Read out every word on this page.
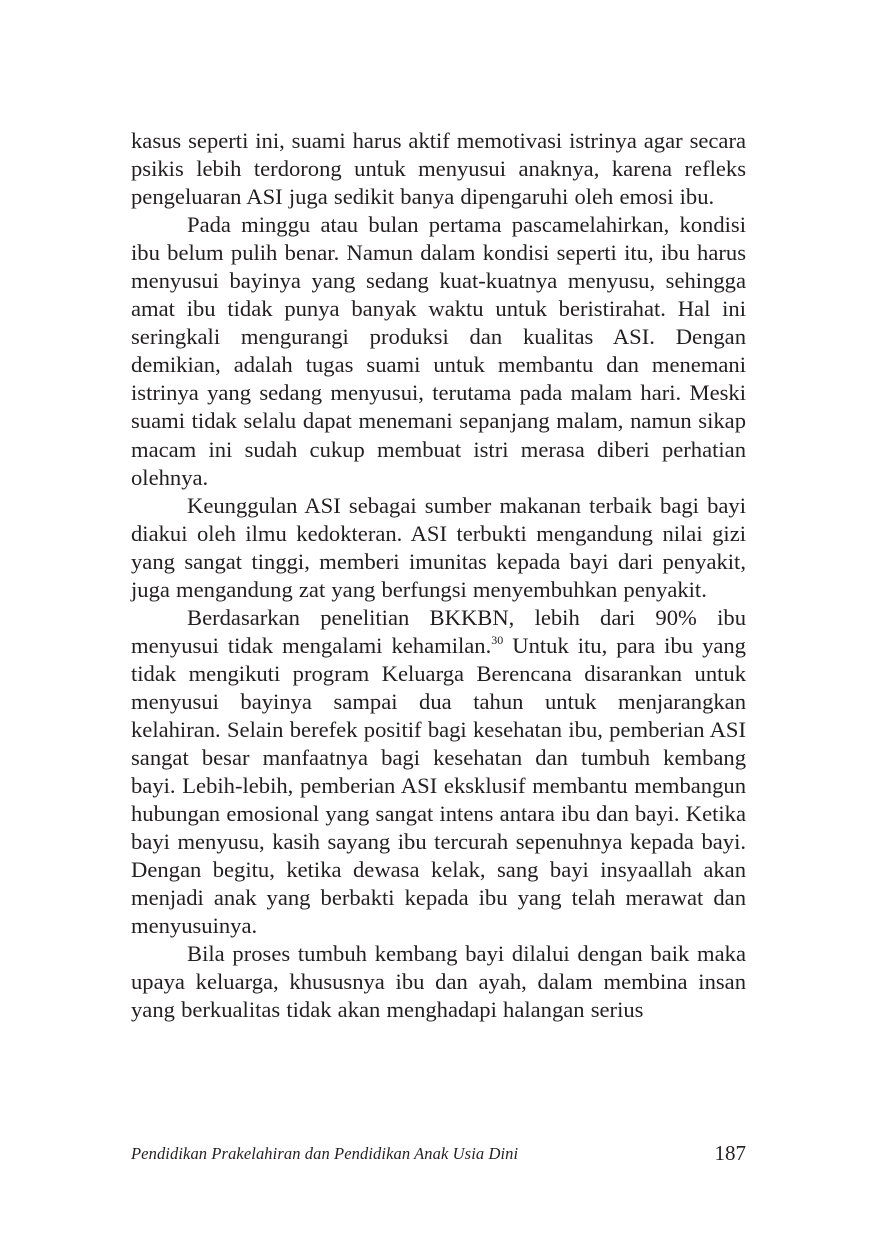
kasus seperti ini, suami harus aktif memotivasi istrinya agar secara psikis lebih terdorong untuk menyusui anaknya, karena refleks pengeluaran ASI juga sedikit banya dipengaruhi oleh emosi ibu.

Pada minggu atau bulan pertama pascamelahirkan, kondisi ibu belum pulih benar. Namun dalam kondisi seperti itu, ibu harus menyusui bayinya yang sedang kuat-kuatnya menyusu, sehingga amat ibu tidak punya banyak waktu untuk beristirahat. Hal ini seringkali mengurangi produksi dan kualitas ASI. Dengan demikian, adalah tugas suami untuk membantu dan menemani istrinya yang sedang menyusui, terutama pada malam hari. Meski suami tidak selalu dapat menemani sepanjang malam, namun sikap macam ini sudah cukup membuat istri merasa diberi perhatian olehnya.

Keunggulan ASI sebagai sumber makanan terbaik bagi bayi diakui oleh ilmu kedokteran. ASI terbukti mengandung nilai gizi yang sangat tinggi, memberi imunitas kepada bayi dari penyakit, juga mengandung zat yang berfungsi menyembuhkan penyakit.

Berdasarkan penelitian BKKBN, lebih dari 90% ibu menyusui tidak mengalami kehamilan.$^{30}$ Untuk itu, para ibu yang tidak mengikuti program Keluarga Berencana disarankan untuk menyusui bayinya sampai dua tahun untuk menjarangkan kelahiran. Selain berefek positif bagi kesehatan ibu, pemberian ASI sangat besar manfaatnya bagi kesehatan dan tumbuh kembang bayi. Lebih-lebih, pemberian ASI eksklusif membantu membangun hubungan emosional yang sangat intens antara ibu dan bayi. Ketika bayi menyusu, kasih sayang ibu tercurah sepenuhnya kepada bayi. Dengan begitu, ketika dewasa kelak, sang bayi insyaallah akan menjadi anak yang berbakti kepada ibu yang telah merawat dan menyusuinya.

Bila proses tumbuh kembang bayi dilalui dengan baik maka upaya keluarga, khususnya ibu dan ayah, dalam membina insan yang berkualitas tidak akan menghadapi halangan serius

Pendidikan Prakelahiran dan Pendidikan Anak Usia Dini	187
